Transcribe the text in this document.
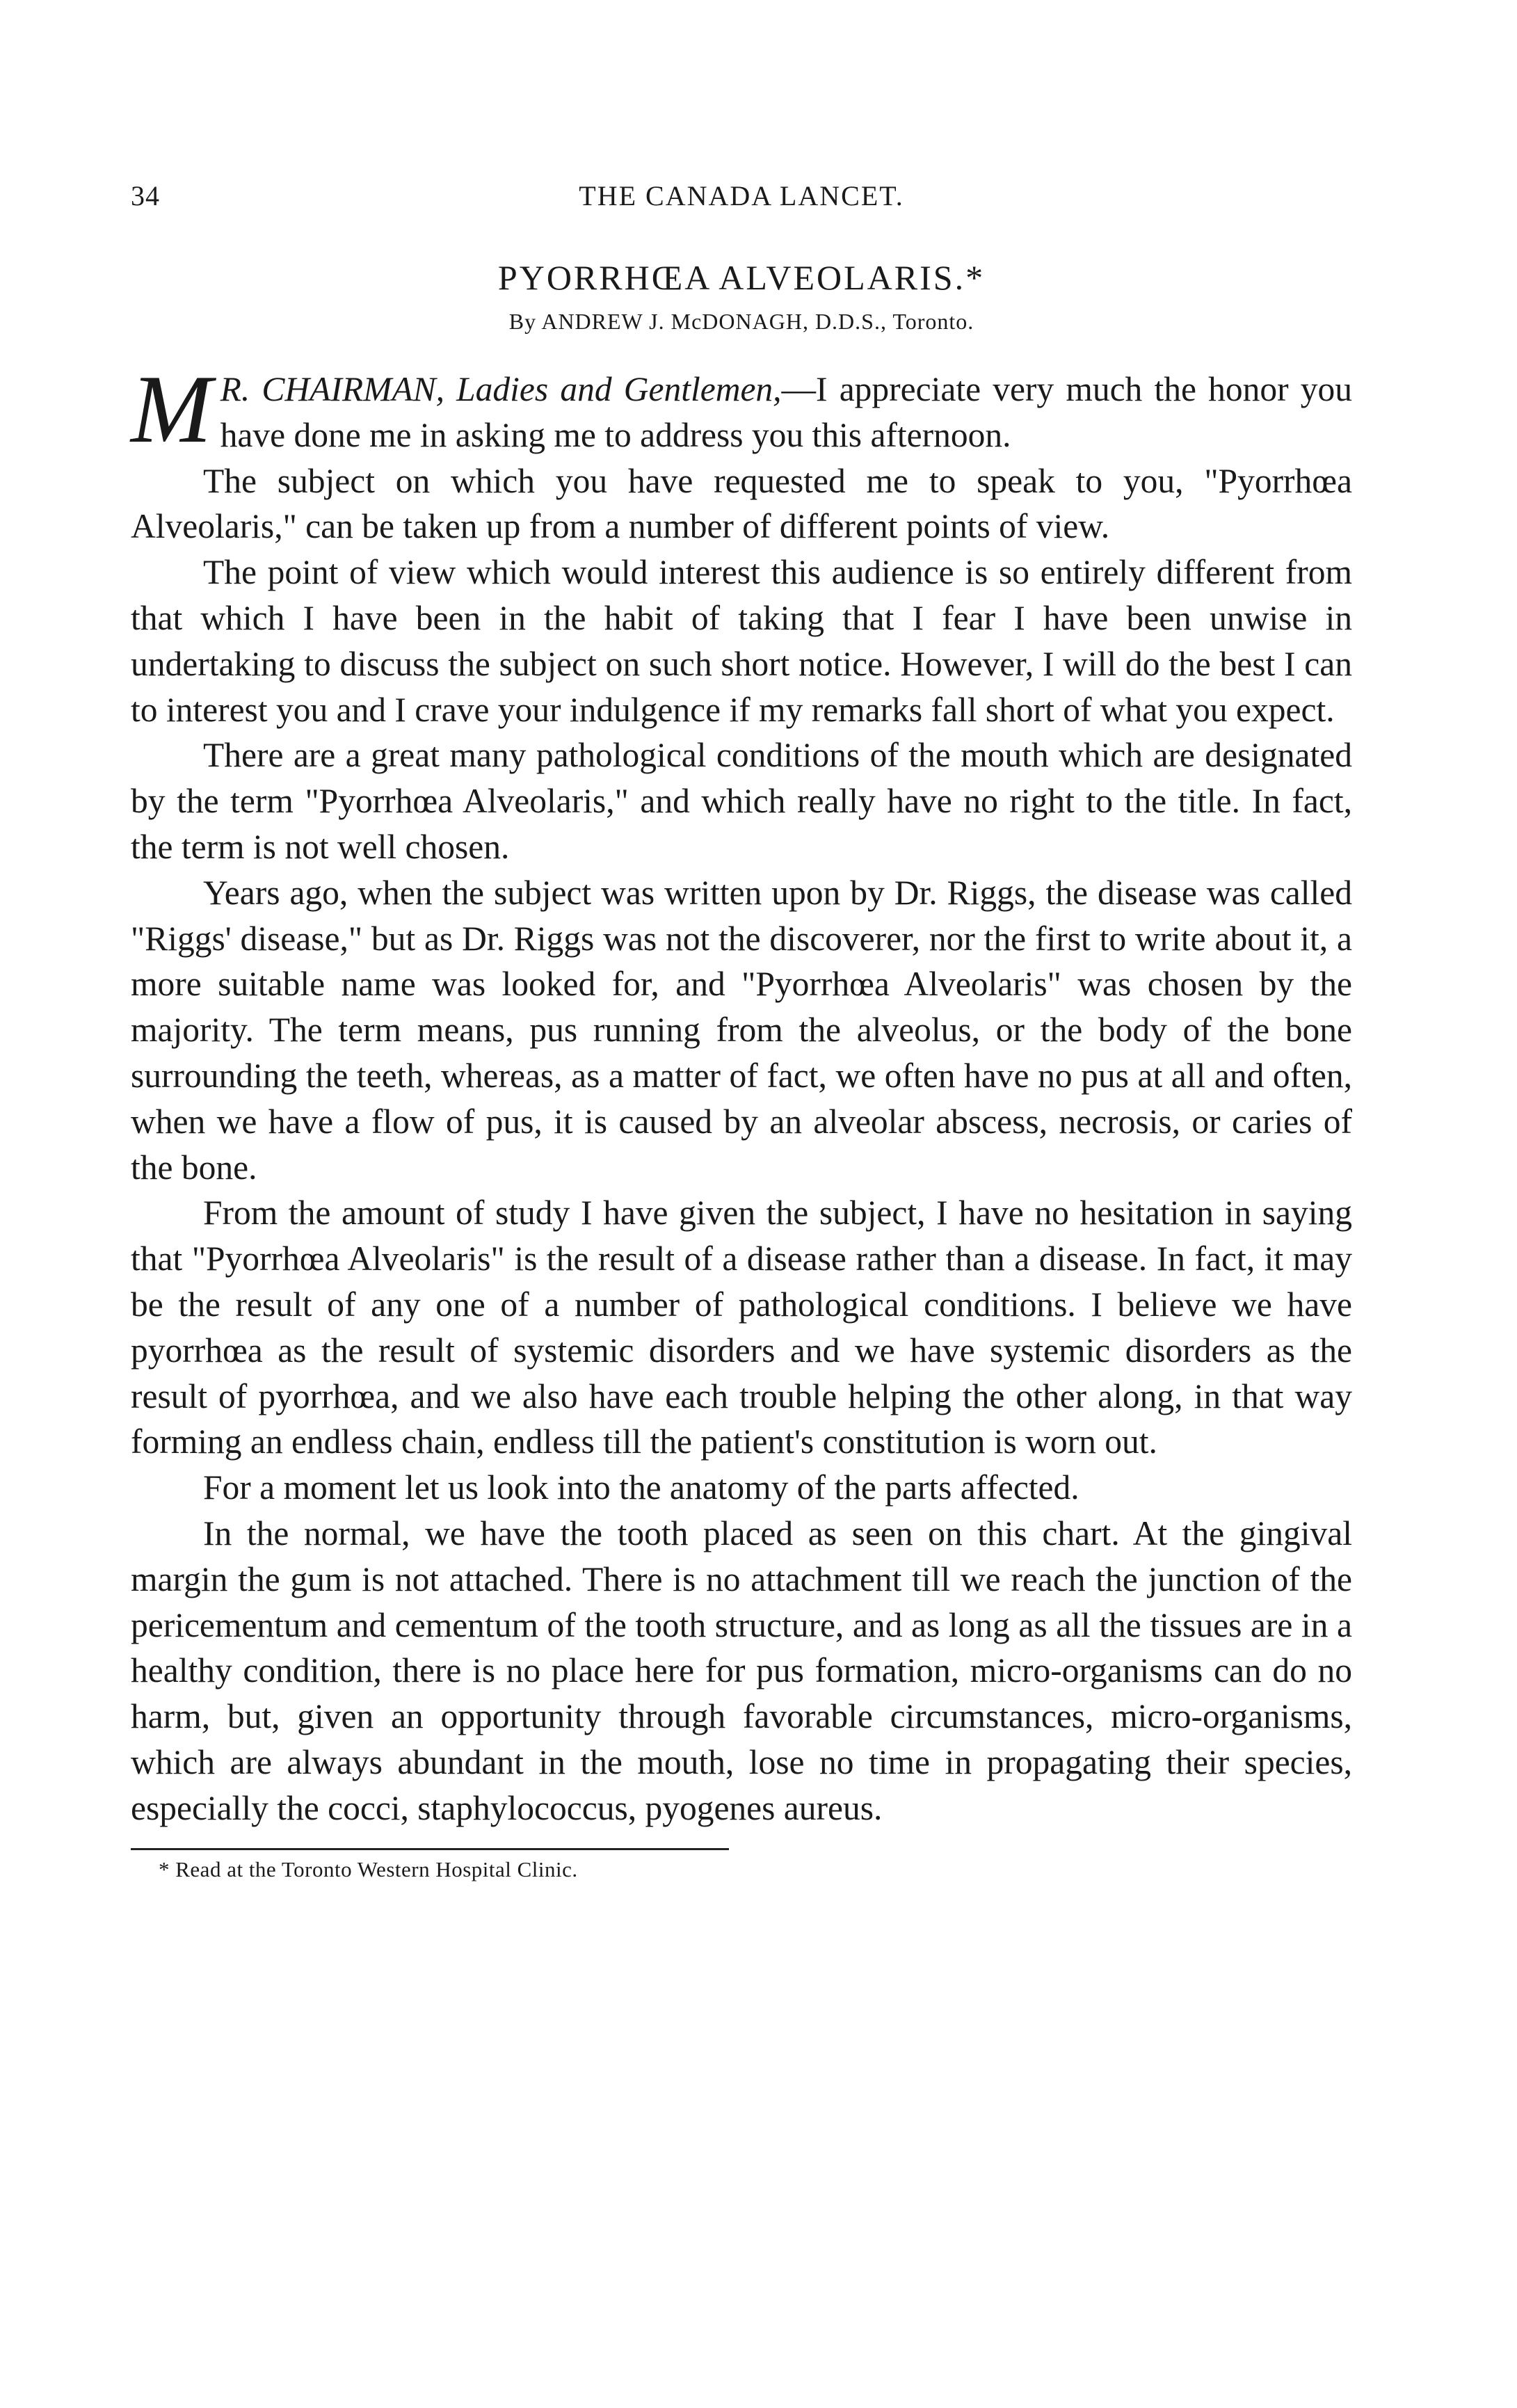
34	THE CANADA LANCET.
PYORRHŒA ALVEOLARIS.*
By ANDREW J. McDONAGH, D.D.S., Toronto.

M R. CHAIRMAN, Ladies and Gentlemen,—I appreciate very much the honor you have done me in asking me to address you this afternoon.

The subject on which you have requested me to speak to you, "Pyorrhœa Alveolaris," can be taken up from a number of different points of view.

The point of view which would interest this audience is so entirely different from that which I have been in the habit of taking that I fear I have been unwise in undertaking to discuss the subject on such short notice. However, I will do the best I can to interest you and I crave your indulgence if my remarks fall short of what you expect.

There are a great many pathological conditions of the mouth which are designated by the term "Pyorrhœa Alveolaris," and which really have no right to the title. In fact, the term is not well chosen.

Years ago, when the subject was written upon by Dr. Riggs, the disease was called "Riggs' disease," but as Dr. Riggs was not the discoverer, nor the first to write about it, a more suitable name was looked for, and "Pyorrhœa Alveolaris" was chosen by the majority. The term means, pus running from the alveolus, or the body of the bone surrounding the teeth, whereas, as a matter of fact, we often have no pus at all and often, when we have a flow of pus, it is caused by an alveolar abscess, necrosis, or caries of the bone.

From the amount of study I have given the subject, I have no hesitation in saying that "Pyorrhœa Alveolaris" is the result of a disease rather than a disease. In fact, it may be the result of any one of a number of pathological conditions. I believe we have pyorrhœa as the result of systemic disorders and we have systemic disorders as the result of pyorrhœa, and we also have each trouble helping the other along, in that way forming an endless chain, endless till the patient's constitution is worn out.

For a moment let us look into the anatomy of the parts affected.

In the normal, we have the tooth placed as seen on this chart. At the gingival margin the gum is not attached. There is no attachment till we reach the junction of the pericementum and cementum of the tooth structure, and as long as all the tissues are in a healthy condition, there is no place here for pus formation, micro-organisms can do no harm, but, given an opportunity through favorable circumstances, micro-organisms, which are always abundant in the mouth, lose no time in propagating their species, especially the cocci, staphylococcus, pyogenes aureus.

* Read at the Toronto Western Hospital Clinic.
